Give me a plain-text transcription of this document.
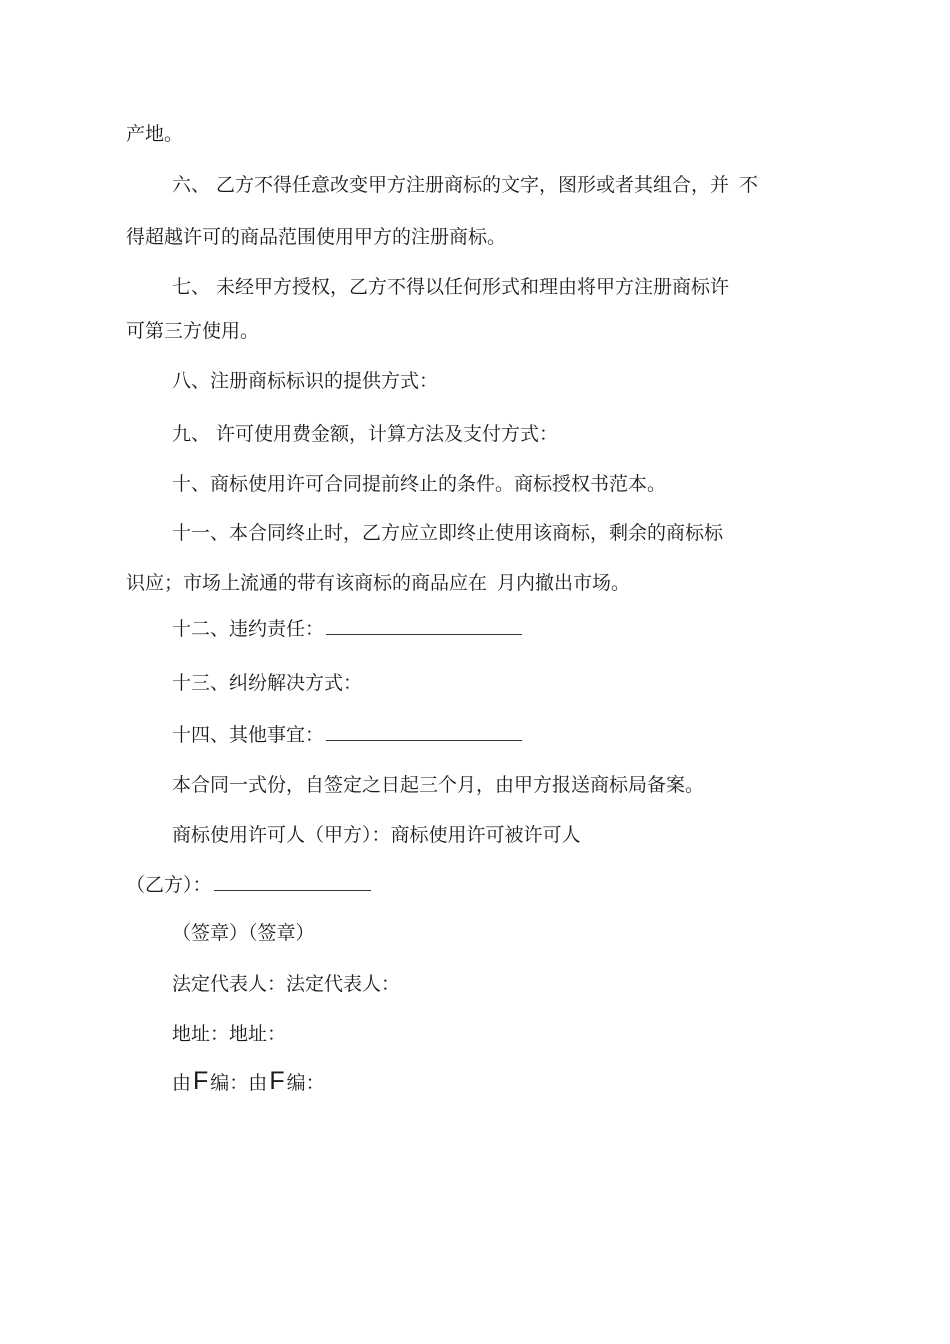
产地。
六、 乙方不得任意改变甲方注册商标的文字，图形或者其组合，并 不
得超越许可的商品范围使用甲方的注册商标。
七、 未经甲方授权，乙方不得以任何形式和理由将甲方注册商标许
可第三方使用。
八、注册商标标识的提供方式：
九、 许可使用费金额，计算方法及支付方式：
十、商标使用许可合同提前终止的条件。商标授权书范本。
十一、本合同终止时，乙方应立即终止使用该商标，剩余的商标标
识应；市场上流通的带有该商标的商品应在 月内撤出市场。
十二、违约责任：
十三、纠纷解决方式：
十四、其他事宜：
本合同一式份，自签定之日起三个月，由甲方报送商标局备案。
商标使用许可人（甲方）：商标使用许可被许可人
（乙方）：
（签章）（签章）
法定代表人：法定代表人：
地址：地址：
由F 编：由F 编：
